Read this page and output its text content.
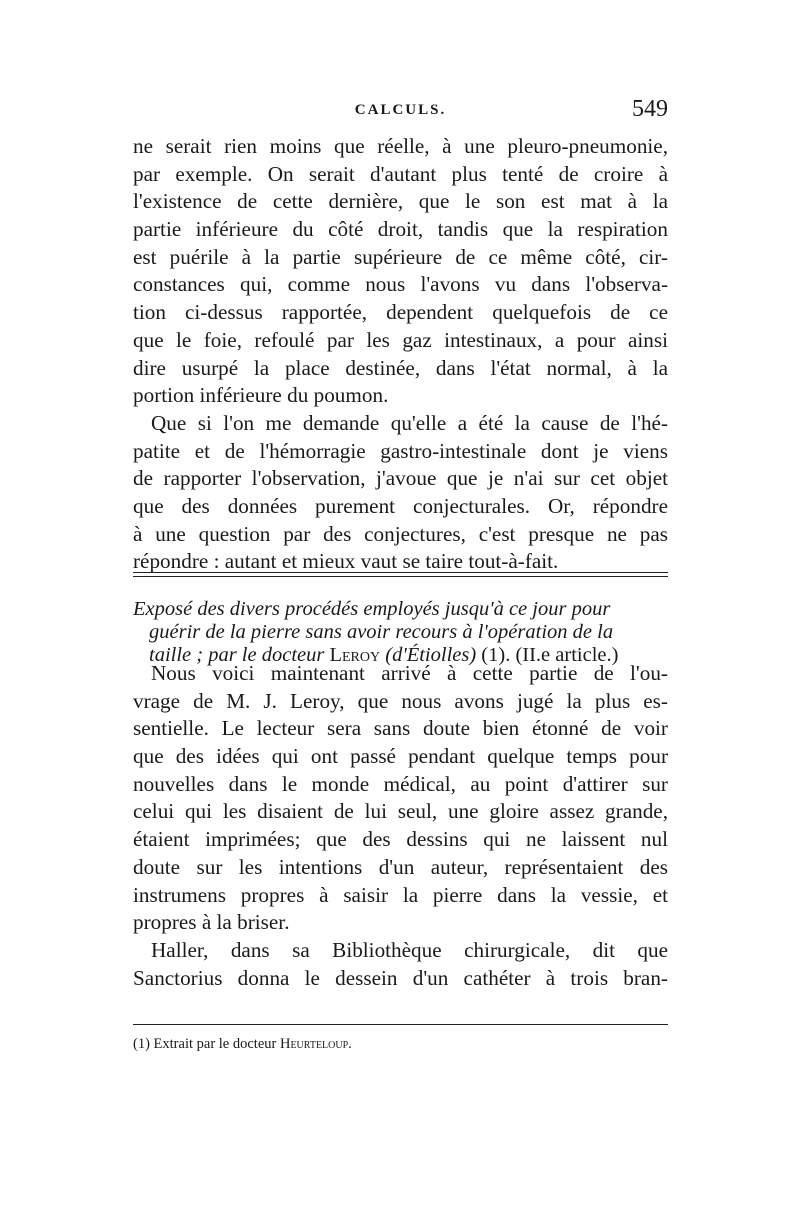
CALCULS.	549
ne serait rien moins que réelle, à une pleuro-pneumonie,
par exemple. On serait d'autant plus tenté de croire à
l'existence de cette dernière, que le son est mat à la
partie inférieure du côté droit, tandis que la respiration
est puérile à la partie supérieure de ce même côté, cir-
constances qui, comme nous l'avons vu dans l'observa-
tion ci-dessus rapportée, dependent quelquefois de ce
que le foie, refoulé par les gaz intestinaux, a pour ainsi
dire usurpé la place destinée, dans l'état normal, à la
portion inférieure du poumon.
Que si l'on me demande qu'elle a été la cause de l'hé-
patite et de l'hémorragie gastro-intestinale dont je viens
de rapporter l'observation, j'avoue que je n'ai sur cet objet
que des données purement conjecturales. Or, répondre
à une question par des conjectures, c'est presque ne pas
répondre : autant et mieux vaut se taire tout-à-fait.
Exposé des divers procédés employés jusqu'à ce jour pour
guérir de la pierre sans avoir recours à l'opération de la
taille ; par le docteur Leroy (d'Étiolles) (1). (II.e article.)
Nous voici maintenant arrivé à cette partie de l'ou-
vrage de M. J. Leroy, que nous avons jugé la plus es-
sentielle. Le lecteur sera sans doute bien étonné de voir
que des idées qui ont passé pendant quelque temps pour
nouvelles dans le monde médical, au point d'attirer sur
celui qui les disaient de lui seul, une gloire assez grande,
étaient imprimées; que des dessins qui ne laissent nul
doute sur les intentions d'un auteur, représentaient des
instrumens propres à saisir la pierre dans la vessie, et
propres à la briser.
Haller, dans sa Bibliothèque chirurgicale, dit que
Sanctorius donna le dessein d'un cathéter à trois bran-
(1) Extrait par le docteur Heurteloup.
